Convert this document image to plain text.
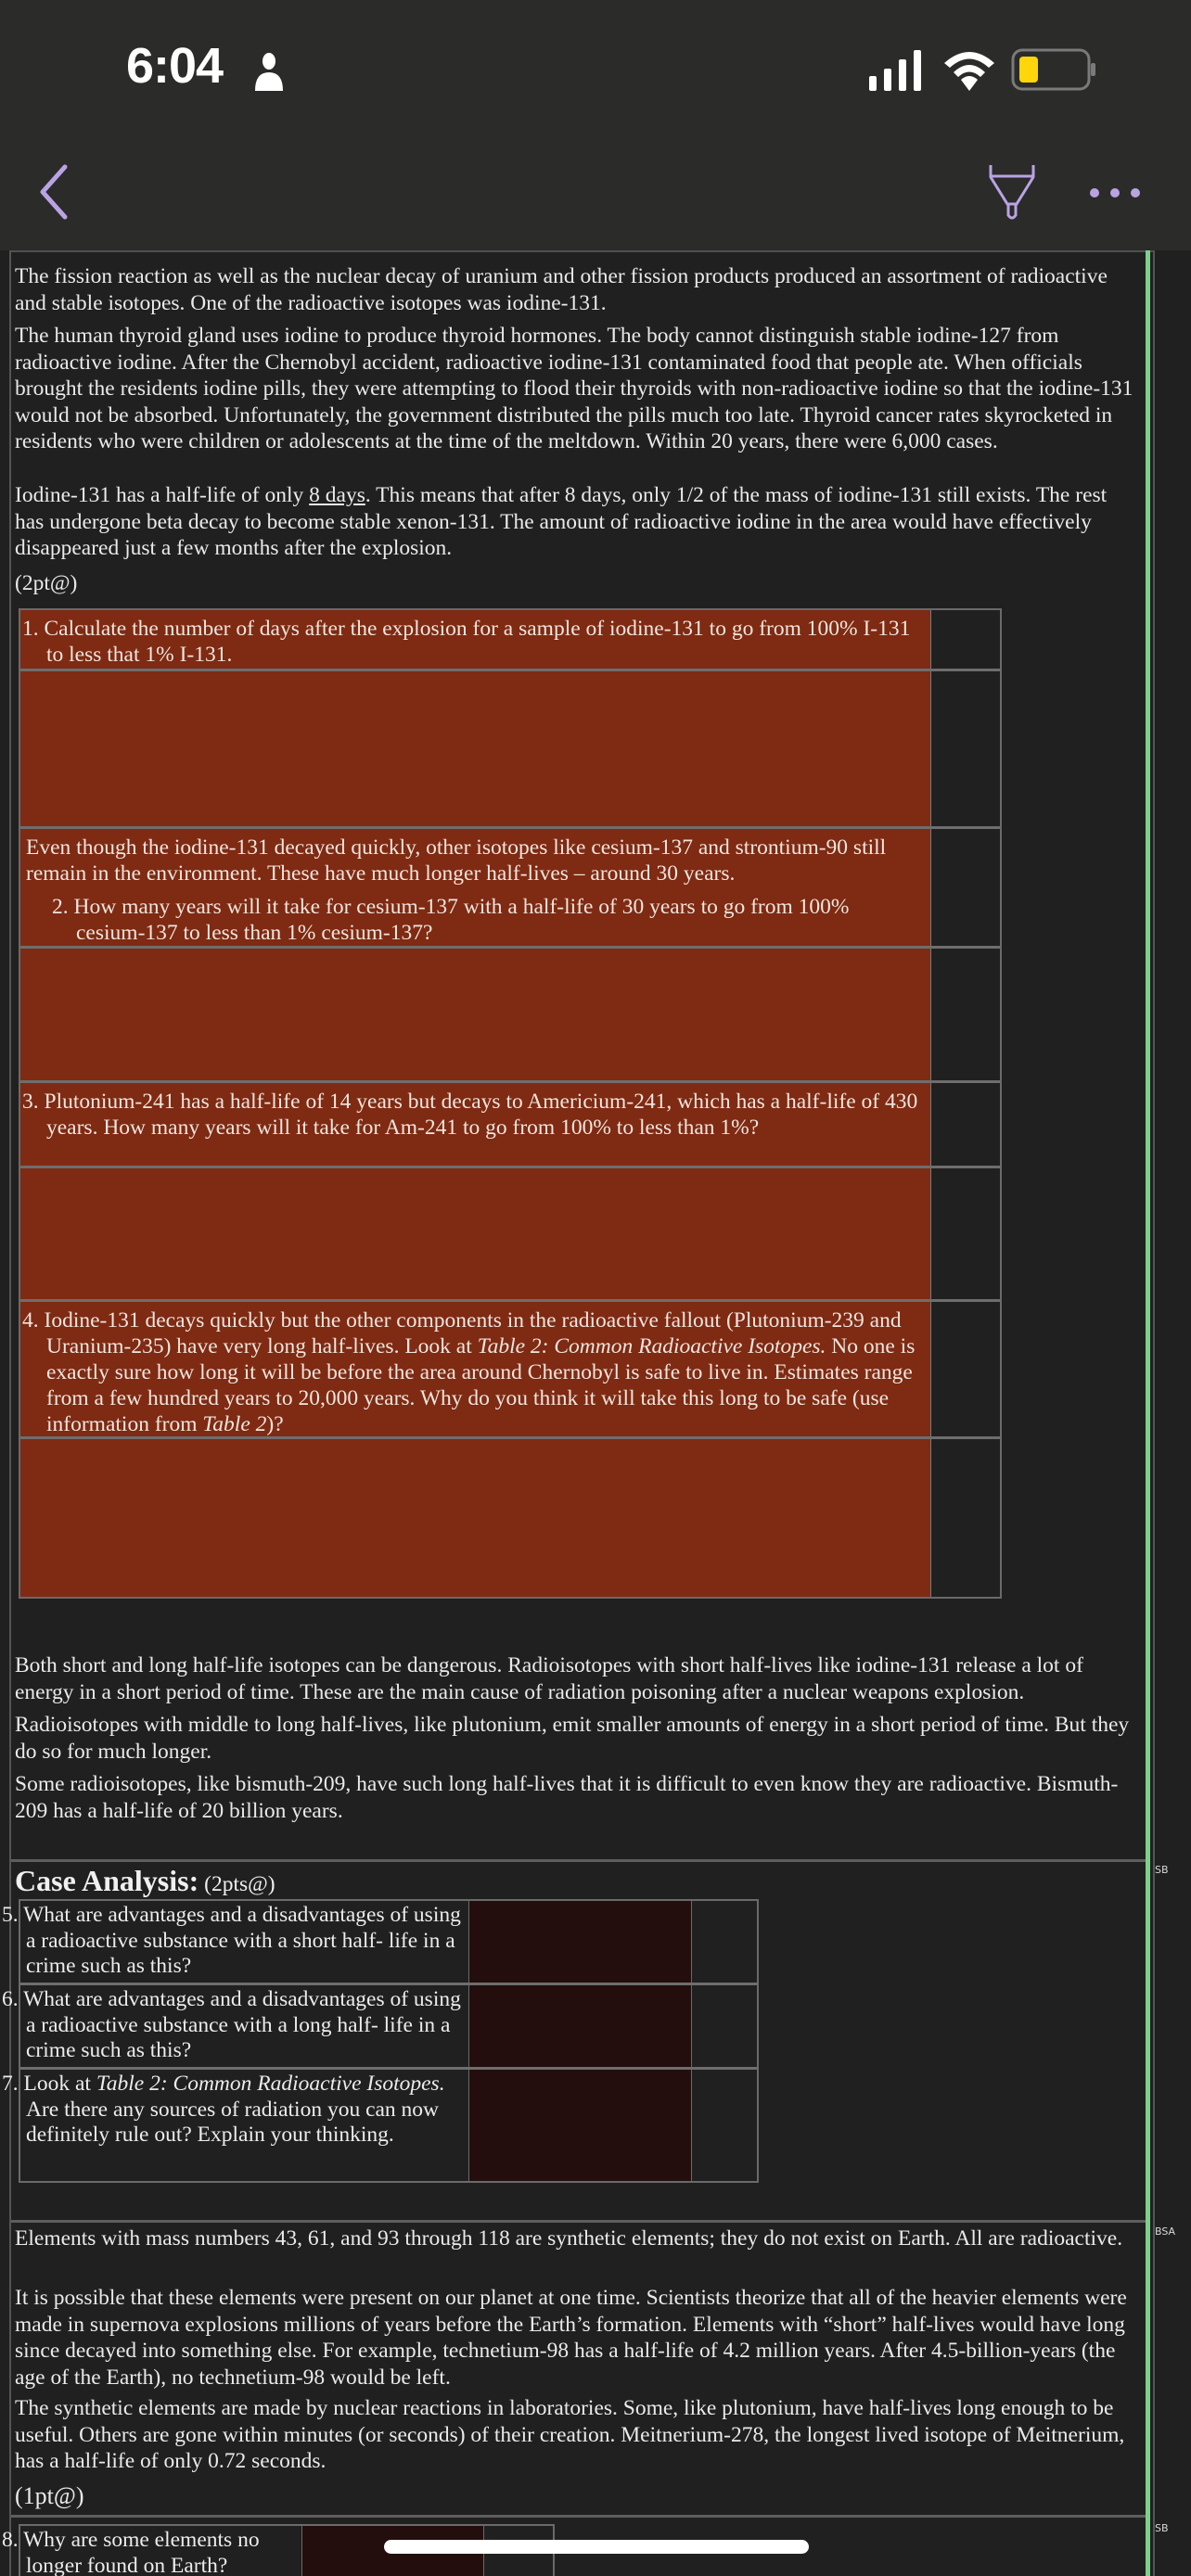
6:04

The fission reaction as well as the nuclear decay of uranium and other fission products produced an assortment of radioactive and stable isotopes. One of the radioactive isotopes was iodine-131.

The human thyroid gland uses iodine to produce thyroid hormones. The body cannot distinguish stable iodine-127 from radioactive iodine. After the Chernobyl accident, radioactive iodine-131 contaminated food that people ate. When officials brought the residents iodine pills, they were attempting to flood their thyroids with non-radioactive iodine so that the iodine-131 would not be absorbed. Unfortunately, the government distributed the pills much too late. Thyroid cancer rates skyrocketed in residents who were children or adolescents at the time of the meltdown. Within 20 years, there were 6,000 cases.

Iodine-131 has a half-life of only 8 days. This means that after 8 days, only 1/2 of the mass of iodine-131 still exists. The rest has undergone beta decay to become stable xenon-131. The amount of radioactive iodine in the area would have effectively disappeared just a few months after the explosion.

(2pt@)

1. Calculate the number of days after the explosion for a sample of iodine-131 to go from 100% I-131 to less that 1% I-131.
Even though the iodine-131 decayed quickly, other isotopes like cesium-137 and strontium-90 still remain in the environment. These have much longer half-lives – around 30 years.
2. How many years will it take for cesium-137 with a half-life of 30 years to go from 100% cesium-137 to less than 1% cesium-137?
3. Plutonium-241 has a half-life of 14 years but decays to Americium-241, which has a half-life of 430 years. How many years will it take for Am-241 to go from 100% to less than 1%?
4. Iodine-131 decays quickly but the other components in the radioactive fallout (Plutonium-239 and Uranium-235) have very long half-lives. Look at Table 2: Common Radioactive Isotopes. No one is exactly sure how long it will be before the area around Chernobyl is safe to live in. Estimates range from a few hundred years to 20,000 years. Why do you think it will take this long to be safe (use information from Table 2)?

Both short and long half-life isotopes can be dangerous. Radioisotopes with short half-lives like iodine-131 release a lot of energy in a short period of time. These are the main cause of radiation poisoning after a nuclear weapons explosion.

Radioisotopes with middle to long half-lives, like plutonium, emit smaller amounts of energy in a short period of time. But they do so for much longer.

Some radioisotopes, like bismuth-209, have such long half-lives that it is difficult to even know they are radioactive. Bismuth-209 has a half-life of 20 billion years.

SB
Case Analysis: (2pts@)
5. What are advantages and a disadvantages of using a radioactive substance with a short half- life in a crime such as this?
6. What are advantages and a disadvantages of using a radioactive substance with a long half- life in a crime such as this?
7. Look at Table 2: Common Radioactive Isotopes. Are there any sources of radiation you can now definitely rule out? Explain your thinking.
BSA

Elements with mass numbers 43, 61, and 93 through 118 are synthetic elements; they do not exist on Earth. All are radioactive.

It is possible that these elements were present on our planet at one time. Scientists theorize that all of the heavier elements were made in supernova explosions millions of years before the Earth’s formation. Elements with “short” half-lives would have long since decayed into something else. For example, technetium-98 has a half-life of 4.2 million years. After 4.5-billion-years (the age of the Earth), no technetium-98 would be left.

The synthetic elements are made by nuclear reactions in laboratories. Some, like plutonium, have half-lives long enough to be useful. Others are gone within minutes (or seconds) of their creation. Meitnerium-278, the longest lived isotope of Meitnerium, has a half-life of only 0.72 seconds.

(1pt@)

SB
8. Why are some elements no longer found on Earth?
